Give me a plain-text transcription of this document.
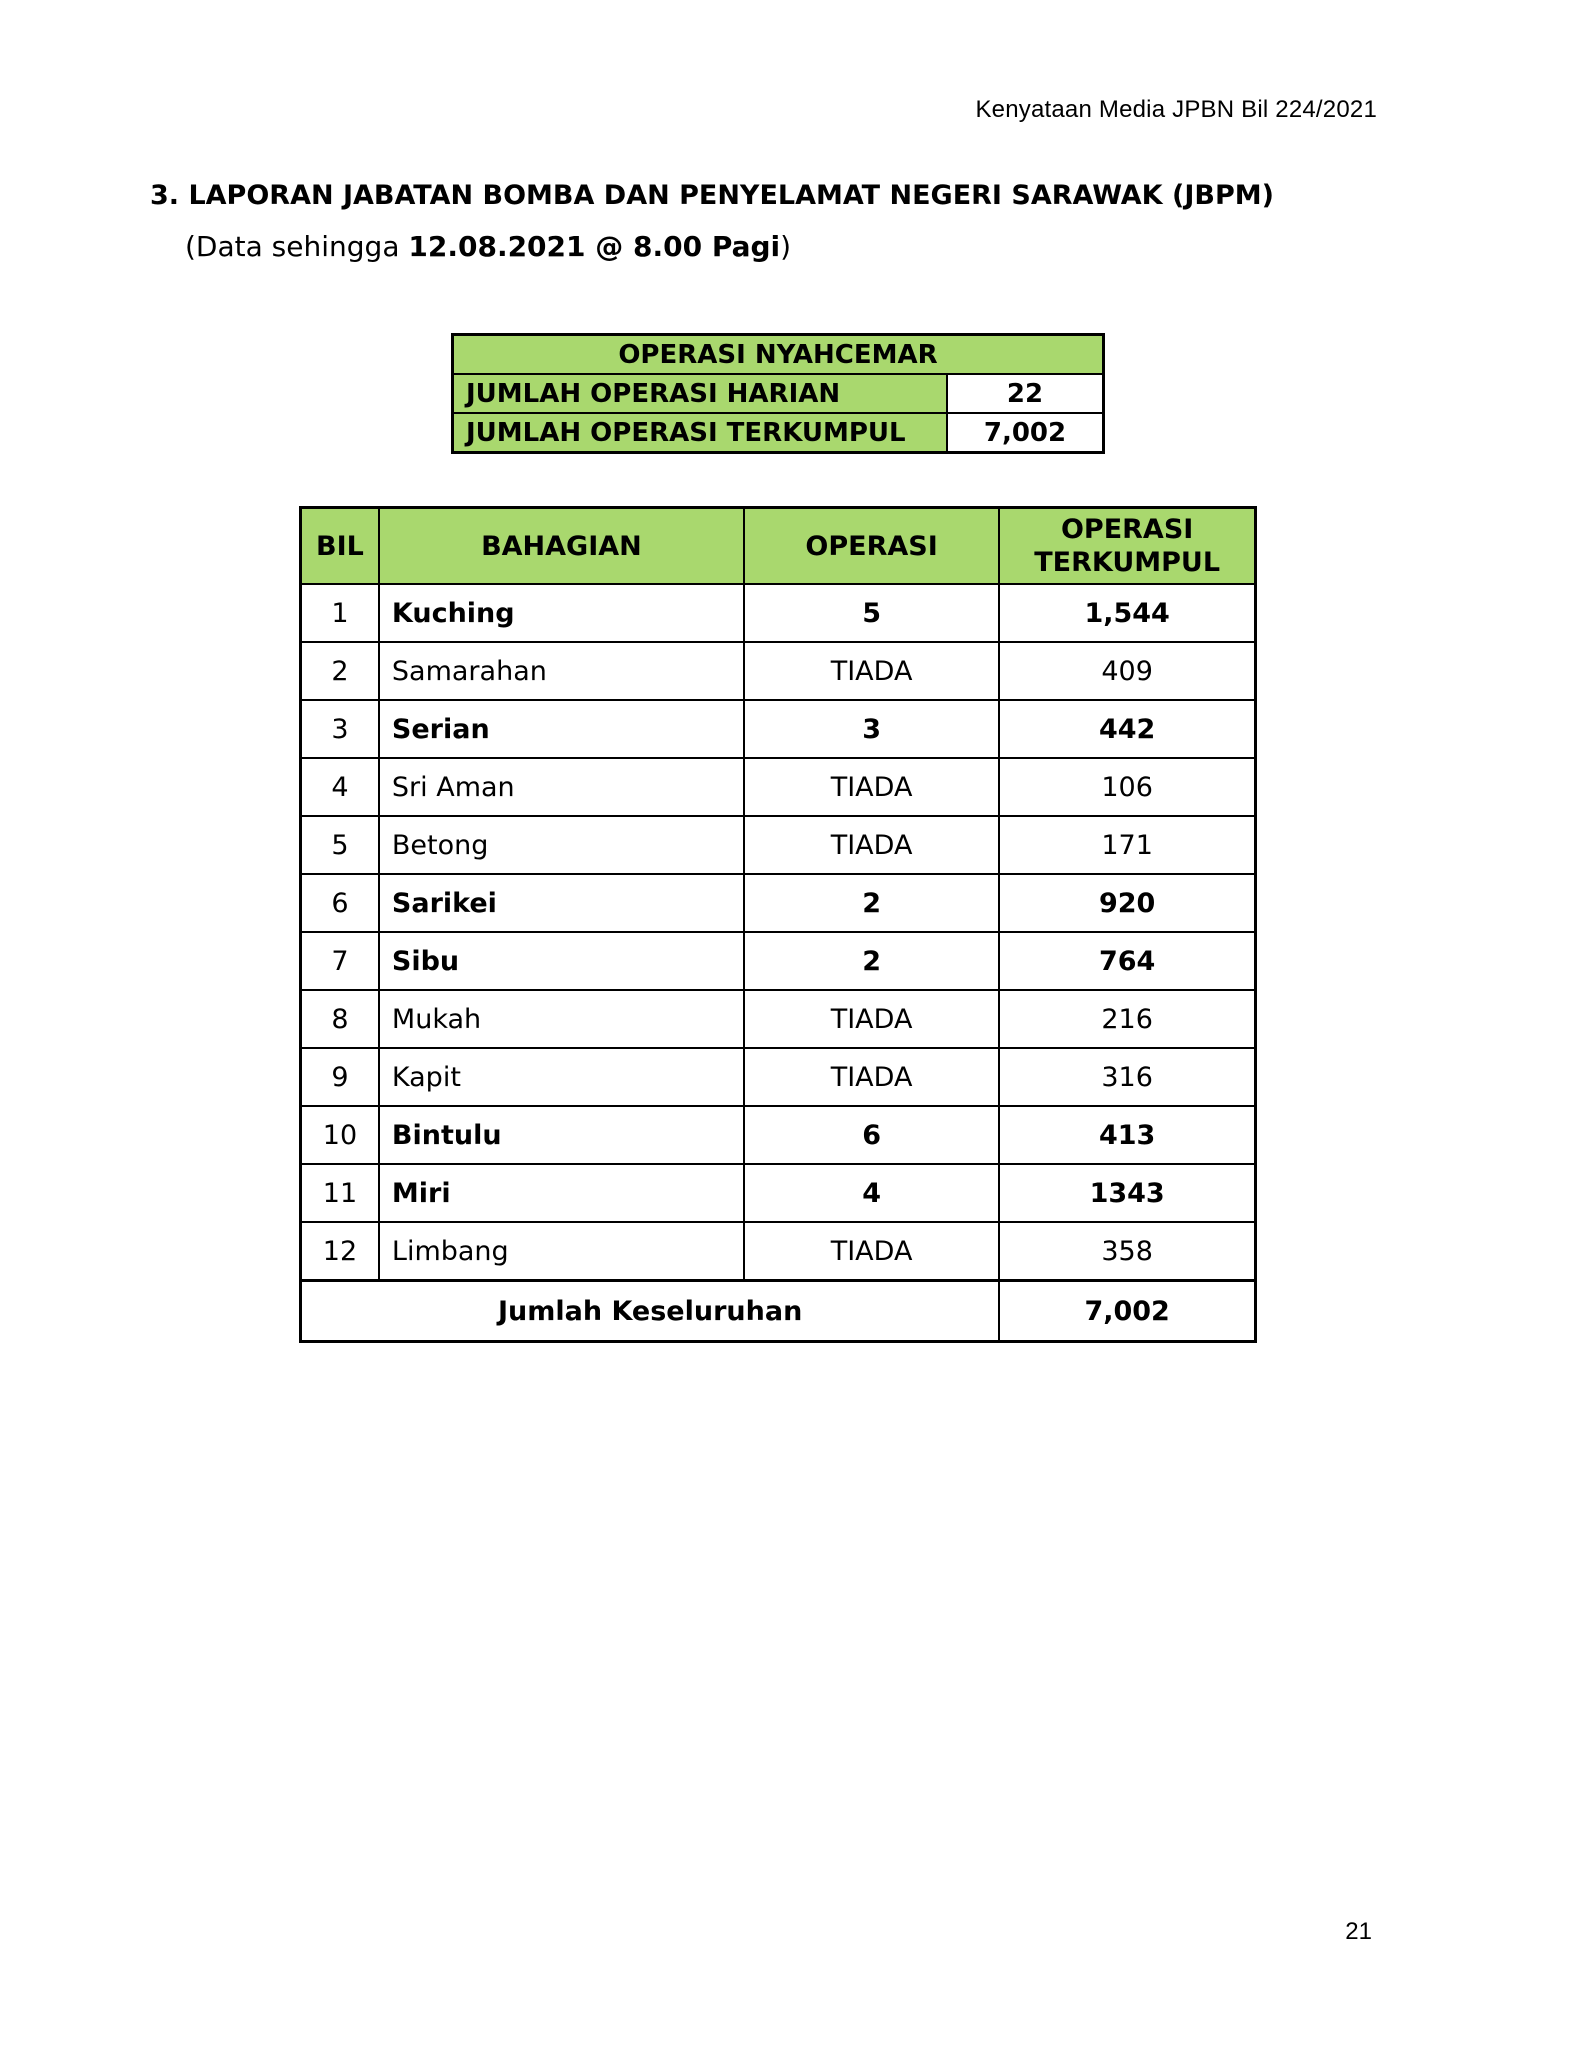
Kenyataan Media JPBN Bil 224/2021
3. LAPORAN JABATAN BOMBA DAN PENYELAMAT NEGERI SARAWAK (JBPM)
(Data sehingga 12.08.2021 @ 8.00 Pagi)
OPERASI NYAHCEMAR	
JUMLAH OPERASI HARIAN	22
JUMLAH OPERASI TERKUMPUL	7,002
BIL	BAHAGIAN	OPERASI	OPERASI
TERKUMPUL
1	Kuching	5	1,544
2	Samarahan	TIADA	409
3	Serian	3	442
4	Sri Aman	TIADA	106
5	Betong	TIADA	171
6	Sarikei	2	920
7	Sibu	2	764
8	Mukah	TIADA	216
9	Kapit	TIADA	316
10	Bintulu	6	413
11	Miri	4	1343
12	Limbang	TIADA	358
Jumlah Keseluruhan			7,002
21
